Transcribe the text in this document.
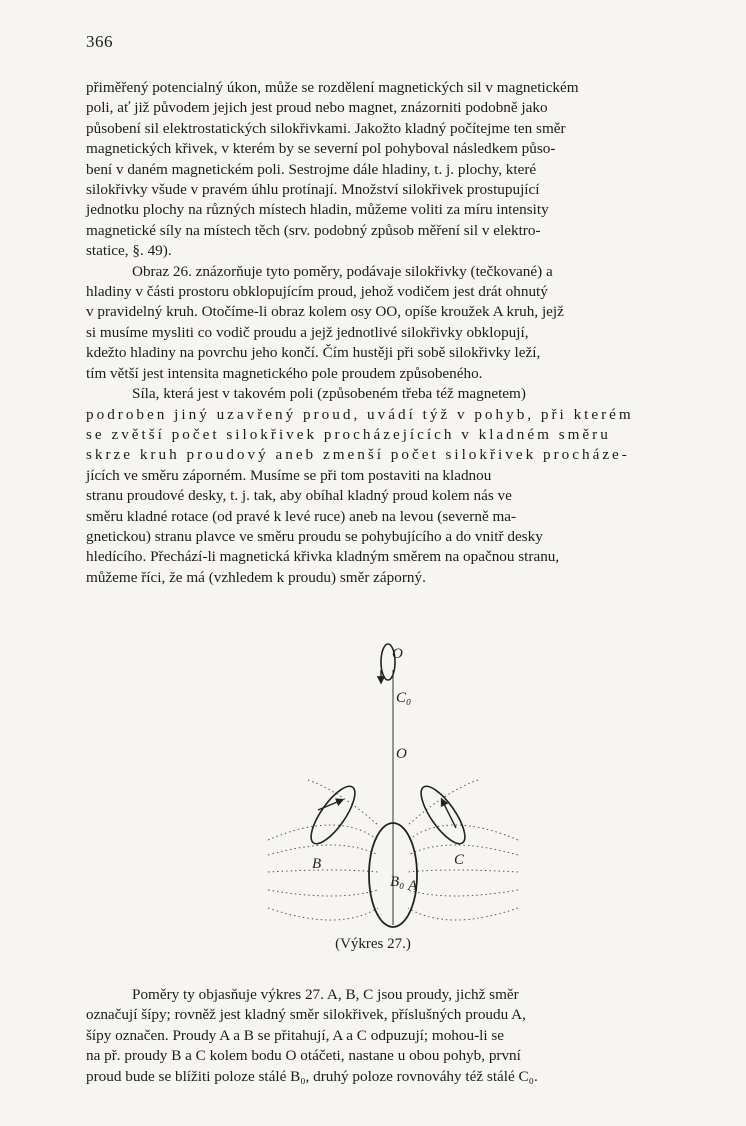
366

přiměřený potencialný úkon, může se rozdělení magnetických sil v magnetickém
poli, ať již původem jejich jest proud nebo magnet, znázorniti podobně jako
působení sil elektrostatických silokřivkami. Jakožto kladný počítejme ten směr
magnetických křivek, v kterém by se severní pol pohyboval následkem půso-
bení v daném magnetickém poli. Sestrojme dále hladiny, t. j. plochy, které
silokřivky všude v pravém úhlu protínají. Množství silokřivek prostupující
jednotku plochy na různých místech hladin, můžeme voliti za míru intensity
magnetické síly na místech těch (srv. podobný způsob měření sil v elektro-
statice, §. 49).

Obraz 26. znázorňuje tyto poměry, podávaje silokřivky (tečkované) a
hladiny v části prostoru obklopujícím proud, jehož vodičem jest drát ohnutý
v pravidelný kruh. Otočíme-li obraz kolem osy OO, opíše kroužek A kruh, jejž
si musíme mysliti co vodič proudu a jejž jednotlivé silokřivky obklopují,
kdežto hladiny na povrchu jeho končí. Čím hustěji při sobě silokřivky leží,
tím větší jest intensita magnetického pole proudem způsobeného.

Síla, která jest v takovém poli (způsobeném třeba též magnetem)
podroben jiný uzavřený proud, uvádí týž v pohyb, při kterém
se zvětší počet silokřivek procházejících v kladném směru
skrze kruh proudový aneb zmenší počet silokřivek procháze-
jících ve směru záporném. Musíme se při tom postaviti na kladnou
stranu proudové desky, t. j. tak, aby obíhal kladný proud kolem nás ve
směru kladné rotace (od pravé k levé ruce) aneb na levou (severně ma-
gnetickou) stranu plavce ve směru proudu se pohybujícího a do vnitř desky
hledícího. Přechází-li magnetická křivka kladným směrem na opačnou stranu,
můžeme říci, že má (vzhledem k proudu) směr záporný.

O
C₀
O
B	C
B₀ A
(Výkres 27.)

Poměry ty objasňuje výkres 27. A, B, C jsou proudy, jichž směr
označují šípy; rovněž jest kladný směr silokřivek, příslušných proudu A,
šípy označen. Proudy A a B se přitahují, A a C odpuzují; mohou-li se
na př. proudy B a C kolem bodu O otáčeti, nastane u obou pohyb, první
proud bude se blížiti poloze stálé B₀, druhý poloze rovnováhy též stálé C₀.
